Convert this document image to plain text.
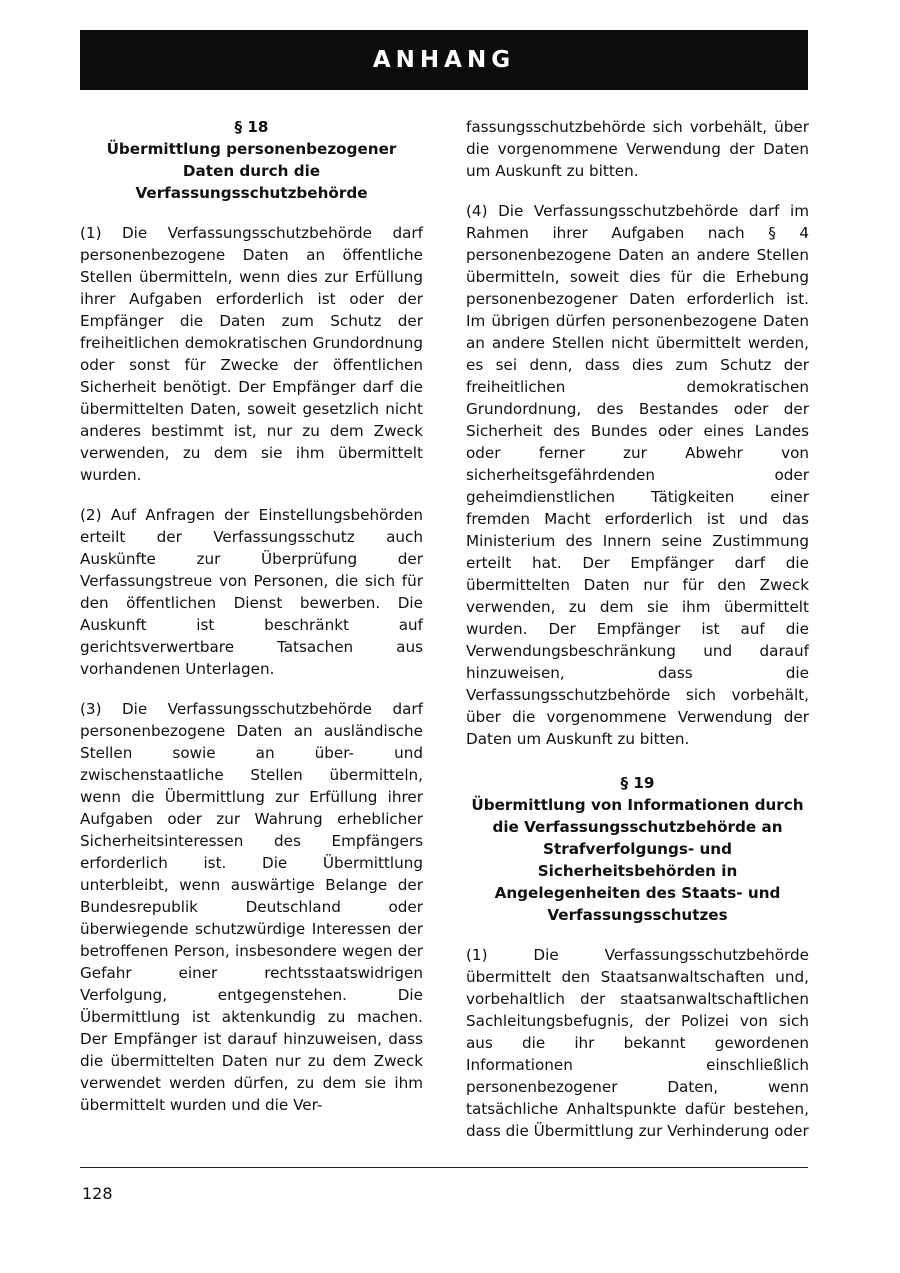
ANHANG
§ 18
Übermittlung personenbezogener Daten durch die Verfassungsschutzbehörde

(1) Die Verfassungsschutzbehörde darf personenbezogene Daten an öffentliche Stellen übermitteln, wenn dies zur Erfüllung ihrer Aufgaben erforderlich ist oder der Empfänger die Daten zum Schutz der freiheitlichen demokratischen Grundordnung oder sonst für Zwecke der öffentlichen Sicherheit benötigt. Der Empfänger darf die übermittelten Daten, soweit gesetzlich nicht anderes bestimmt ist, nur zu dem Zweck verwenden, zu dem sie ihm übermittelt wurden.

(2) Auf Anfragen der Einstellungsbehörden erteilt der Verfassungsschutz auch Auskünfte zur Überprüfung der Verfassungstreue von Personen, die sich für den öffentlichen Dienst bewerben. Die Auskunft ist beschränkt auf gerichtsverwertbare Tatsachen aus vorhandenen Unterlagen.

(3) Die Verfassungsschutzbehörde darf personenbezogene Daten an ausländische Stellen sowie an über- und zwischenstaatliche Stellen übermitteln, wenn die Übermittlung zur Erfüllung ihrer Aufgaben oder zur Wahrung erheblicher Sicherheitsinteressen des Empfängers erforderlich ist. Die Übermittlung unterbleibt, wenn auswärtige Belange der Bundesrepublik Deutschland oder überwiegende schutzwürdige Interessen der betroffenen Person, insbesondere wegen der Gefahr einer rechtsstaatswidrigen Verfolgung, entgegenstehen. Die Übermittlung ist aktenkundig zu machen. Der Empfänger ist darauf hinzuweisen, dass die übermittelten Daten nur zu dem Zweck verwendet werden dürfen, zu dem sie ihm übermittelt wurden und die Ver-

fassungsschutzbehörde sich vorbehält, über die vorgenommene Verwendung der Daten um Auskunft zu bitten.

(4) Die Verfassungsschutzbehörde darf im Rahmen ihrer Aufgaben nach § 4 personenbezogene Daten an andere Stellen übermitteln, soweit dies für die Erhebung personenbezogener Daten erforderlich ist. Im übrigen dürfen personenbezogene Daten an andere Stellen nicht übermittelt werden, es sei denn, dass dies zum Schutz der freiheitlichen demokratischen Grundordnung, des Bestandes oder der Sicherheit des Bundes oder eines Landes oder ferner zur Abwehr von sicherheitsgefährdenden oder geheimdienstlichen Tätigkeiten einer fremden Macht erforderlich ist und das Ministerium des Innern seine Zustimmung erteilt hat. Der Empfänger darf die übermittelten Daten nur für den Zweck verwenden, zu dem sie ihm übermittelt wurden. Der Empfänger ist auf die Verwendungsbeschränkung und darauf hinzuweisen, dass die Verfassungsschutzbehörde sich vorbehält, über die vorgenommene Verwendung der Daten um Auskunft zu bitten.

§ 19
Übermittlung von Informationen durch die Verfassungsschutzbehörde an Strafverfolgungs- und Sicherheitsbehörden in Angelegenheiten des Staats- und Verfassungsschutzes

(1) Die Verfassungsschutzbehörde übermittelt den Staatsanwaltschaften und, vorbehaltlich der staatsanwaltschaftlichen Sachleitungsbefugnis, der Polizei von sich aus die ihr bekannt gewordenen Informationen einschließlich personenbezogener Daten, wenn tatsächliche Anhaltspunkte dafür bestehen, dass die Übermittlung zur Verhinderung oder

128
